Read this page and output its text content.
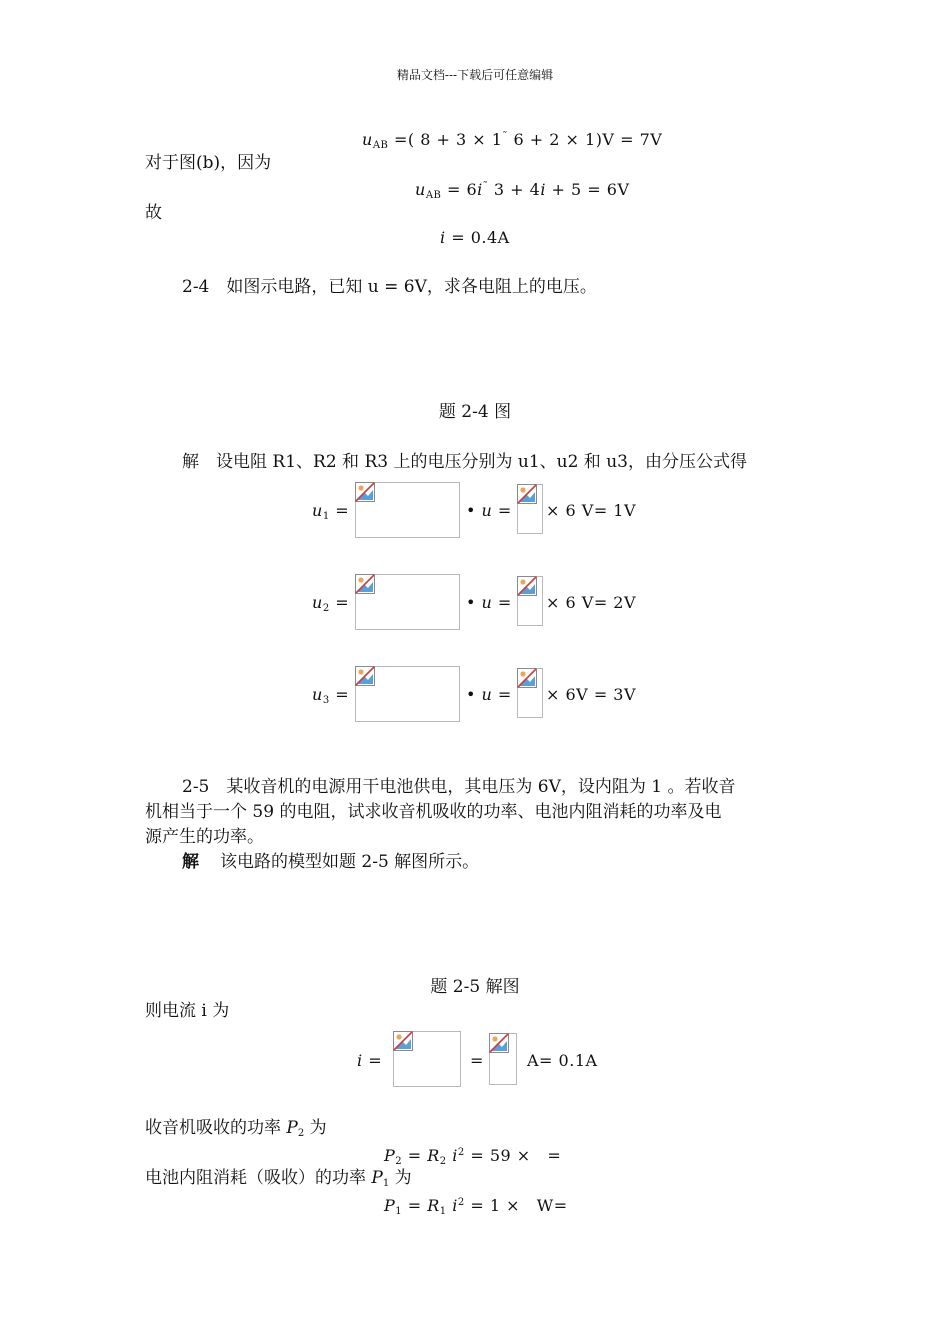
精品文档---下载后可任意编辑
$u_{AB}$ =( 8 + 3 × 1˜ 6 + 2 × 1)V = 7V
对于图(b)，因为
$u_{AB} = 6i^˜$ 3 + 4i + 5 = 6V
故
i = 0.4A
2-4　如图示电路，已知 u = 6V，求各电阻上的电压。
题 2-4 图
解　设电阻 R1、R2 和 R3 上的电压分别为 u1、u2 和 u3，由分压公式得
$u_1$ =	• u = × 6 V= 1V
$u_2$ =	• u = × 6 V= 2V
$u_3$ =	• u = × 6V = 3V
2-5　某收音机的电源用干电池供电，其电压为 6V，设内阻为 1 。若收音
机相当于一个 59 的电阻，试求收音机吸收的功率、电池内阻消耗的功率及电
源产生的功率。
解 该电路的模型如题 2-5 解图所示。
题 2-5 解图
则电流 i 为
i =	=	A= 0.1A
收音机吸收的功率 $P_2$ 为
$P_2 = R_2$ $i^2 = 59$ ×   =
电池内阻消耗（吸收）的功率 $P_1$ 为
$P_1 = R_1$ $i^2 = 1 \times W=$
